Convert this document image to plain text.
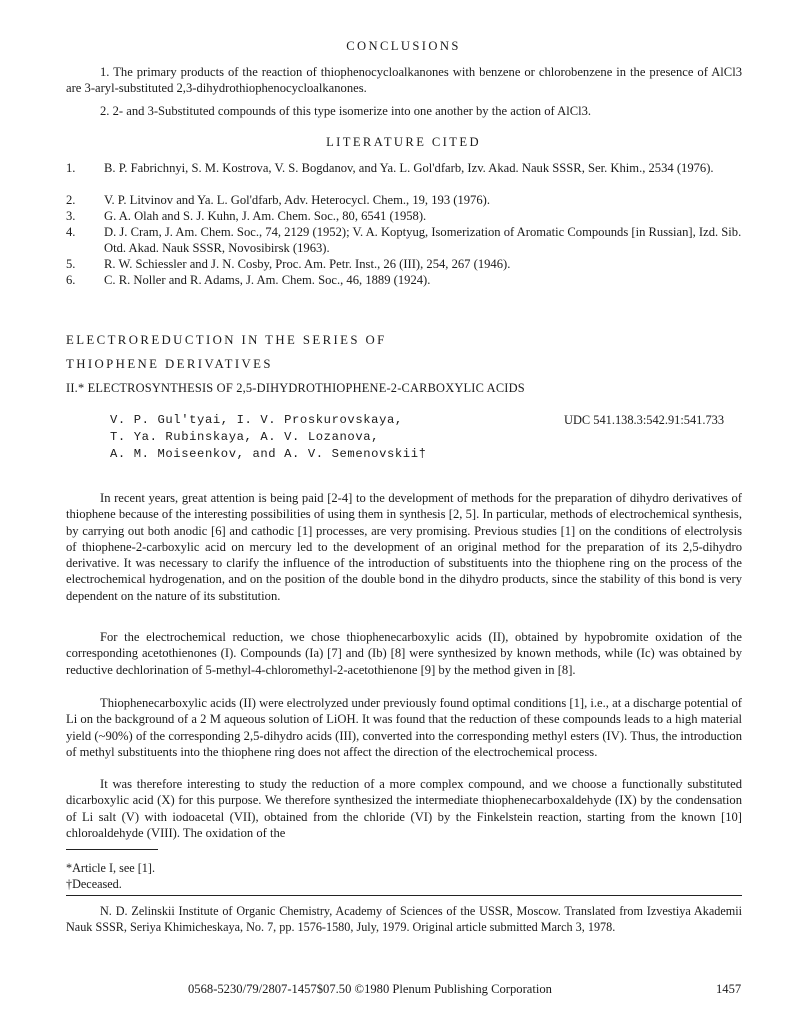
CONCLUSIONS
1. The primary products of the reaction of thiophenocycloalkanones with benzene or chlorobenzene in the presence of AlCl3 are 3-aryl-substituted 2,3-dihydrothiophenocycloalkanones.
2. 2- and 3-Substituted compounds of this type isomerize into one another by the action of AlCl3.
LITERATURE CITED
1. B. P. Fabrichnyi, S. M. Kostrova, V. S. Bogdanov, and Ya. L. Gol'dfarb, Izv. Akad. Nauk SSSR, Ser. Khim., 2534 (1976).
2. V. P. Litvinov and Ya. L. Gol'dfarb, Adv. Heterocycl. Chem., 19, 193 (1976).
3. G. A. Olah and S. J. Kuhn, J. Am. Chem. Soc., 80, 6541 (1958).
4. D. J. Cram, J. Am. Chem. Soc., 74, 2129 (1952); V. A. Koptyug, Isomerization of Aromatic Compounds [in Russian], Izd. Sib. Otd. Akad. Nauk SSSR, Novosibirsk (1963).
5. R. W. Schiessler and J. N. Cosby, Proc. Am. Petr. Inst., 26 (III), 254, 267 (1946).
6. C. R. Noller and R. Adams, J. Am. Chem. Soc., 46, 1889 (1924).
ELECTROREDUCTION IN THE SERIES OF
THIOPHENE DERIVATIVES
II.* ELECTROSYNTHESIS OF 2,5-DIHYDROTHIOPHENE-2-CARBOXYLIC ACIDS
V. P. Gul'tyai, I. V. Proskurovskaya,
T. Ya. Rubinskaya, A. V. Lozanova,
A. M. Moiseenkov, and A. V. Semenovskii†
UDC 541.138.3:542.91:541.733
In recent years, great attention is being paid [2-4] to the development of methods for the preparation of dihydro derivatives of thiophene because of the interesting possibilities of using them in synthesis [2, 5]. In particular, methods of electrochemical synthesis, by carrying out both anodic [6] and cathodic [1] processes, are very promising. Previous studies [1] on the conditions of electrolysis of thiophene-2-carboxylic acid on mercury led to the development of an original method for the preparation of its 2,5-dihydro derivative. It was necessary to clarify the influence of the introduction of substituents into the thiophene ring on the process of the electrochemical hydrogenation, and on the position of the double bond in the dihydro products, since the stability of this bond is very dependent on the nature of its substitution.
For the electrochemical reduction, we chose thiophenecarboxylic acids (II), obtained by hypobromite oxidation of the corresponding acetothienones (I). Compounds (Ia) [7] and (Ib) [8] were synthesized by known methods, while (Ic) was obtained by reductive dechlorination of 5-methyl-4-chloromethyl-2-acetothienone [9] by the method given in [8].
Thiophenecarboxylic acids (II) were electrolyzed under previously found optimal conditions [1], i.e., at a discharge potential of Li on the background of a 2 M aqueous solution of LiOH. It was found that the reduction of these compounds leads to a high material yield (~90%) of the corresponding 2,5-dihydro acids (III), converted into the corresponding methyl esters (IV). Thus, the introduction of methyl substituents into the thiophene ring does not affect the direction of the electrochemical process.
It was therefore interesting to study the reduction of a more complex compound, and we choose a functionally substituted dicarboxylic acid (X) for this purpose. We therefore synthesized the intermediate thiophenecarboxaldehyde (IX) by the condensation of Li salt (V) with iodoacetal (VII), obtained from the chloride (VI) by the Finkelstein reaction, starting from the known [10] chloroaldehyde (VIII). The oxidation of the
*Article I, see [1].
†Deceased.
N. D. Zelinskii Institute of Organic Chemistry, Academy of Sciences of the USSR, Moscow. Translated from Izvestiya Akademii Nauk SSSR, Seriya Khimicheskaya, No. 7, pp. 1576-1580, July, 1979. Original article submitted March 3, 1978.
0568-5230/79/2807-1457$07.50 ©1980 Plenum Publishing Corporation	1457
